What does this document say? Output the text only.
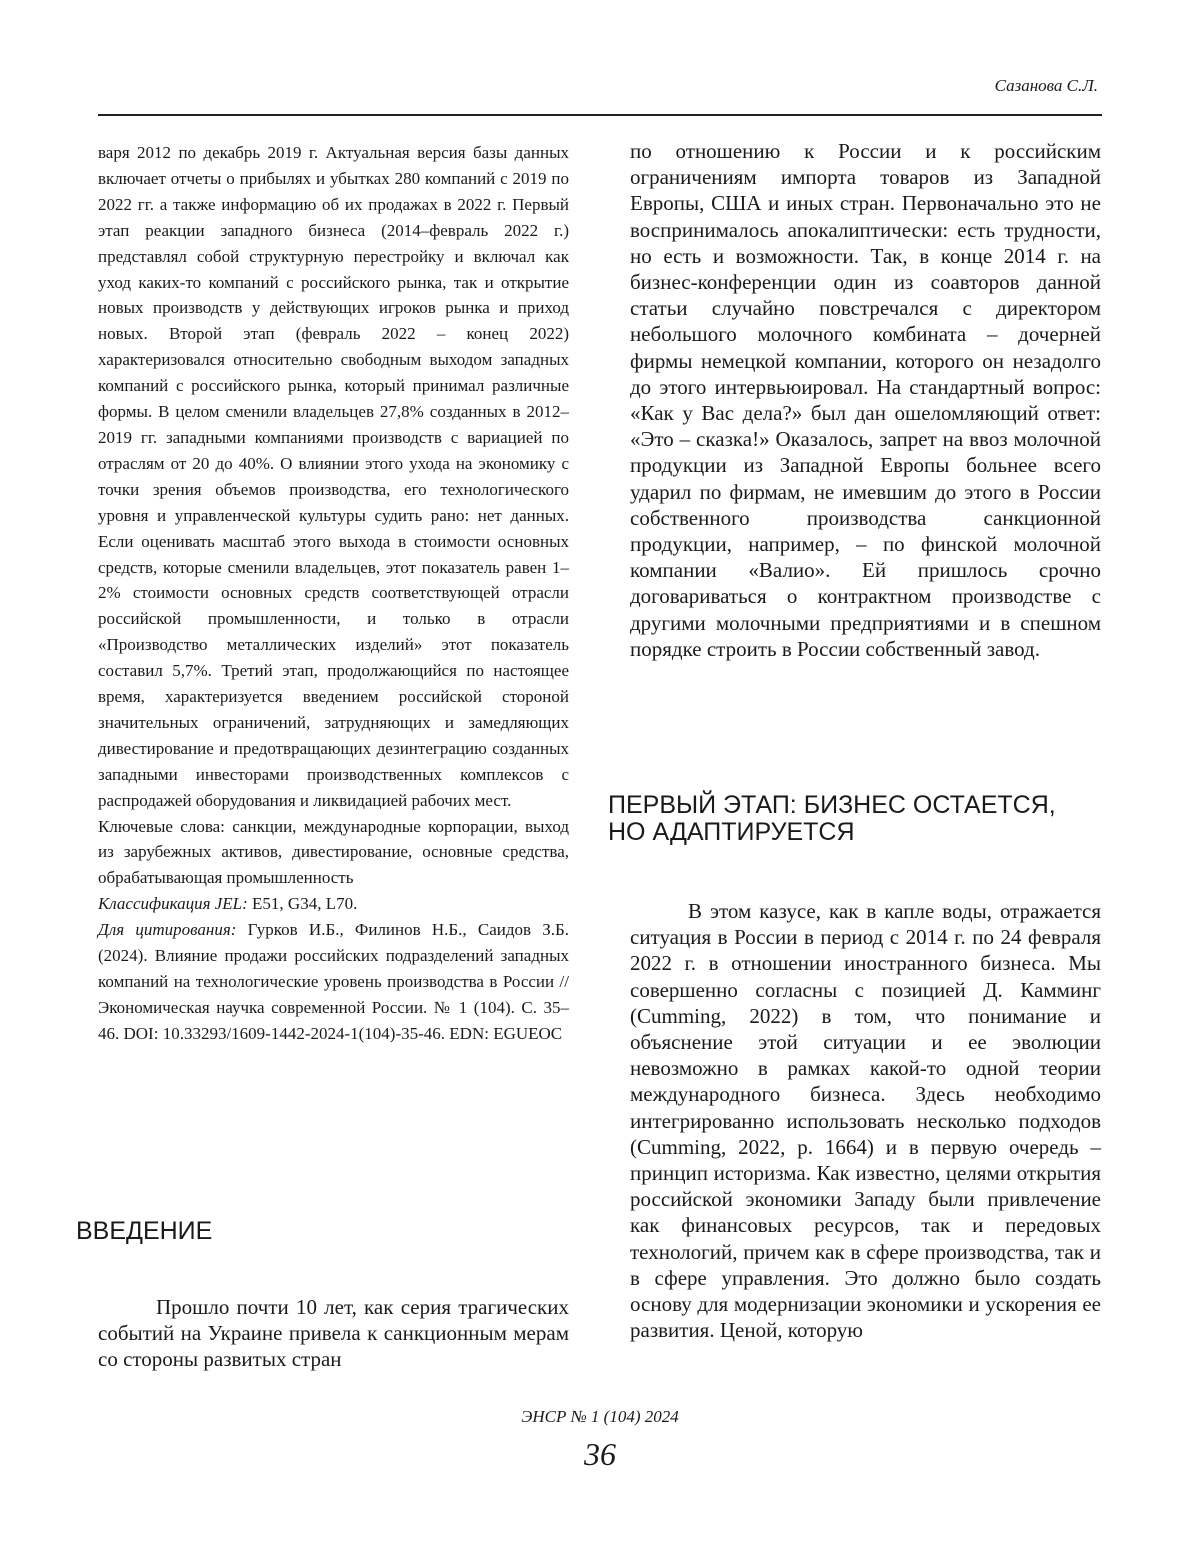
Сазанова С.Л.

варя 2012 по декабрь 2019 г. Актуальная версия базы данных включает отчеты о прибылях и убытках 280 компаний с 2019 по 2022 гг. а также информацию об их продажах в 2022 г. Первый этап реакции западного бизнеса (2014–февраль 2022 г.) представлял собой структурную перестройку и включал как уход каких-то компаний с российского рынка, так и открытие новых производств у действующих игроков рынка и приход новых. Второй этап (февраль 2022 – конец 2022) характеризовался относительно свободным выходом западных компаний с российского рынка, который принимал различные формы. В целом сменили владельцев 27,8% созданных в 2012–2019 гг. западными компаниями производств с вариацией по отраслям от 20 до 40%. О влиянии этого ухода на экономику с точки зрения объемов производства, его технологического уровня и управленческой культуры судить рано: нет данных. Если оценивать масштаб этого выхода в стоимости основных средств, которые сменили владельцев, этот показатель равен 1–2% стоимости основных средств соответствующей отрасли российской промышленности, и только в отрасли «Производство металлических изделий» этот показатель составил 5,7%. Третий этап, продолжающийся по настоящее время, характеризуется введением российской стороной значительных ограничений, затрудняющих и замедляющих дивестирование и предотвращающих дезинтеграцию созданных западными инвесторами производственных комплексов с распродажей оборудования и ликвидацией рабочих мест.

Ключевые слова: санкции, международные корпорации, выход из зарубежных активов, дивестирование, основные средства, обрабатывающая промышленность

Классификация JEL: E51, G34, L70.

Для цитирования: Гурков И.Б., Филинов Н.Б., Саидов З.Б. (2024). Влияние продажи российских подразделений западных компаний на технологические уровень производства в России // Экономическая научка современной России. № 1 (104). С. 35–46. DOI: 10.33293/1609-1442-2024-1(104)-35-46. EDN: EGUEOC

ВВЕДЕНИЕ

Прошло почти 10 лет, как серия трагических событий на Украине привела к санкционным мерам со стороны развитых стран

по отношению к России и к российским ограничениям импорта товаров из Западной Европы, США и иных стран. Первоначально это не воспринималось апокалиптически: есть трудности, но есть и возможности. Так, в конце 2014 г. на бизнес-конференции один из соавторов данной статьи случайно повстречался с директором небольшого молочного комбината – дочерней фирмы немецкой компании, которого он незадолго до этого интервьюировал. На стандартный вопрос: «Как у Вас дела?» был дан ошеломляющий ответ: «Это – сказка!» Оказалось, запрет на ввоз молочной продукции из Западной Европы больнее всего ударил по фирмам, не имевшим до этого в России собственного производства санкционной продукции, например, – по финской молочной компании «Валио». Ей пришлось срочно договариваться о контрактном производстве с другими молочными предприятиями и в спешном порядке строить в России собственный завод.

ПЕРВЫЙ ЭТАП: БИЗНЕС ОСТАЕТСЯ,
НО АДАПТИРУЕТСЯ

В этом казусе, как в капле воды, отражается ситуация в России в период с 2014 г. по 24 февраля 2022 г. в отношении иностранного бизнеса. Мы совершенно согласны с позицией Д. Камминг (Cumming, 2022) в том, что понимание и объяснение этой ситуации и ее эволюции невозможно в рамках какой-то одной теории международного бизнеса. Здесь необходимо интегрированно использовать несколько подходов (Cumming, 2022, p. 1664) и в первую очередь – принцип историзма. Как известно, целями открытия российской экономики Западу были привлечение как финансовых ресурсов, так и передовых технологий, причем как в сфере производства, так и в сфере управления. Это должно было создать основу для модернизации экономики и ускорения ее развития. Ценой, которую

ЭНСР № 1 (104) 2024
36
